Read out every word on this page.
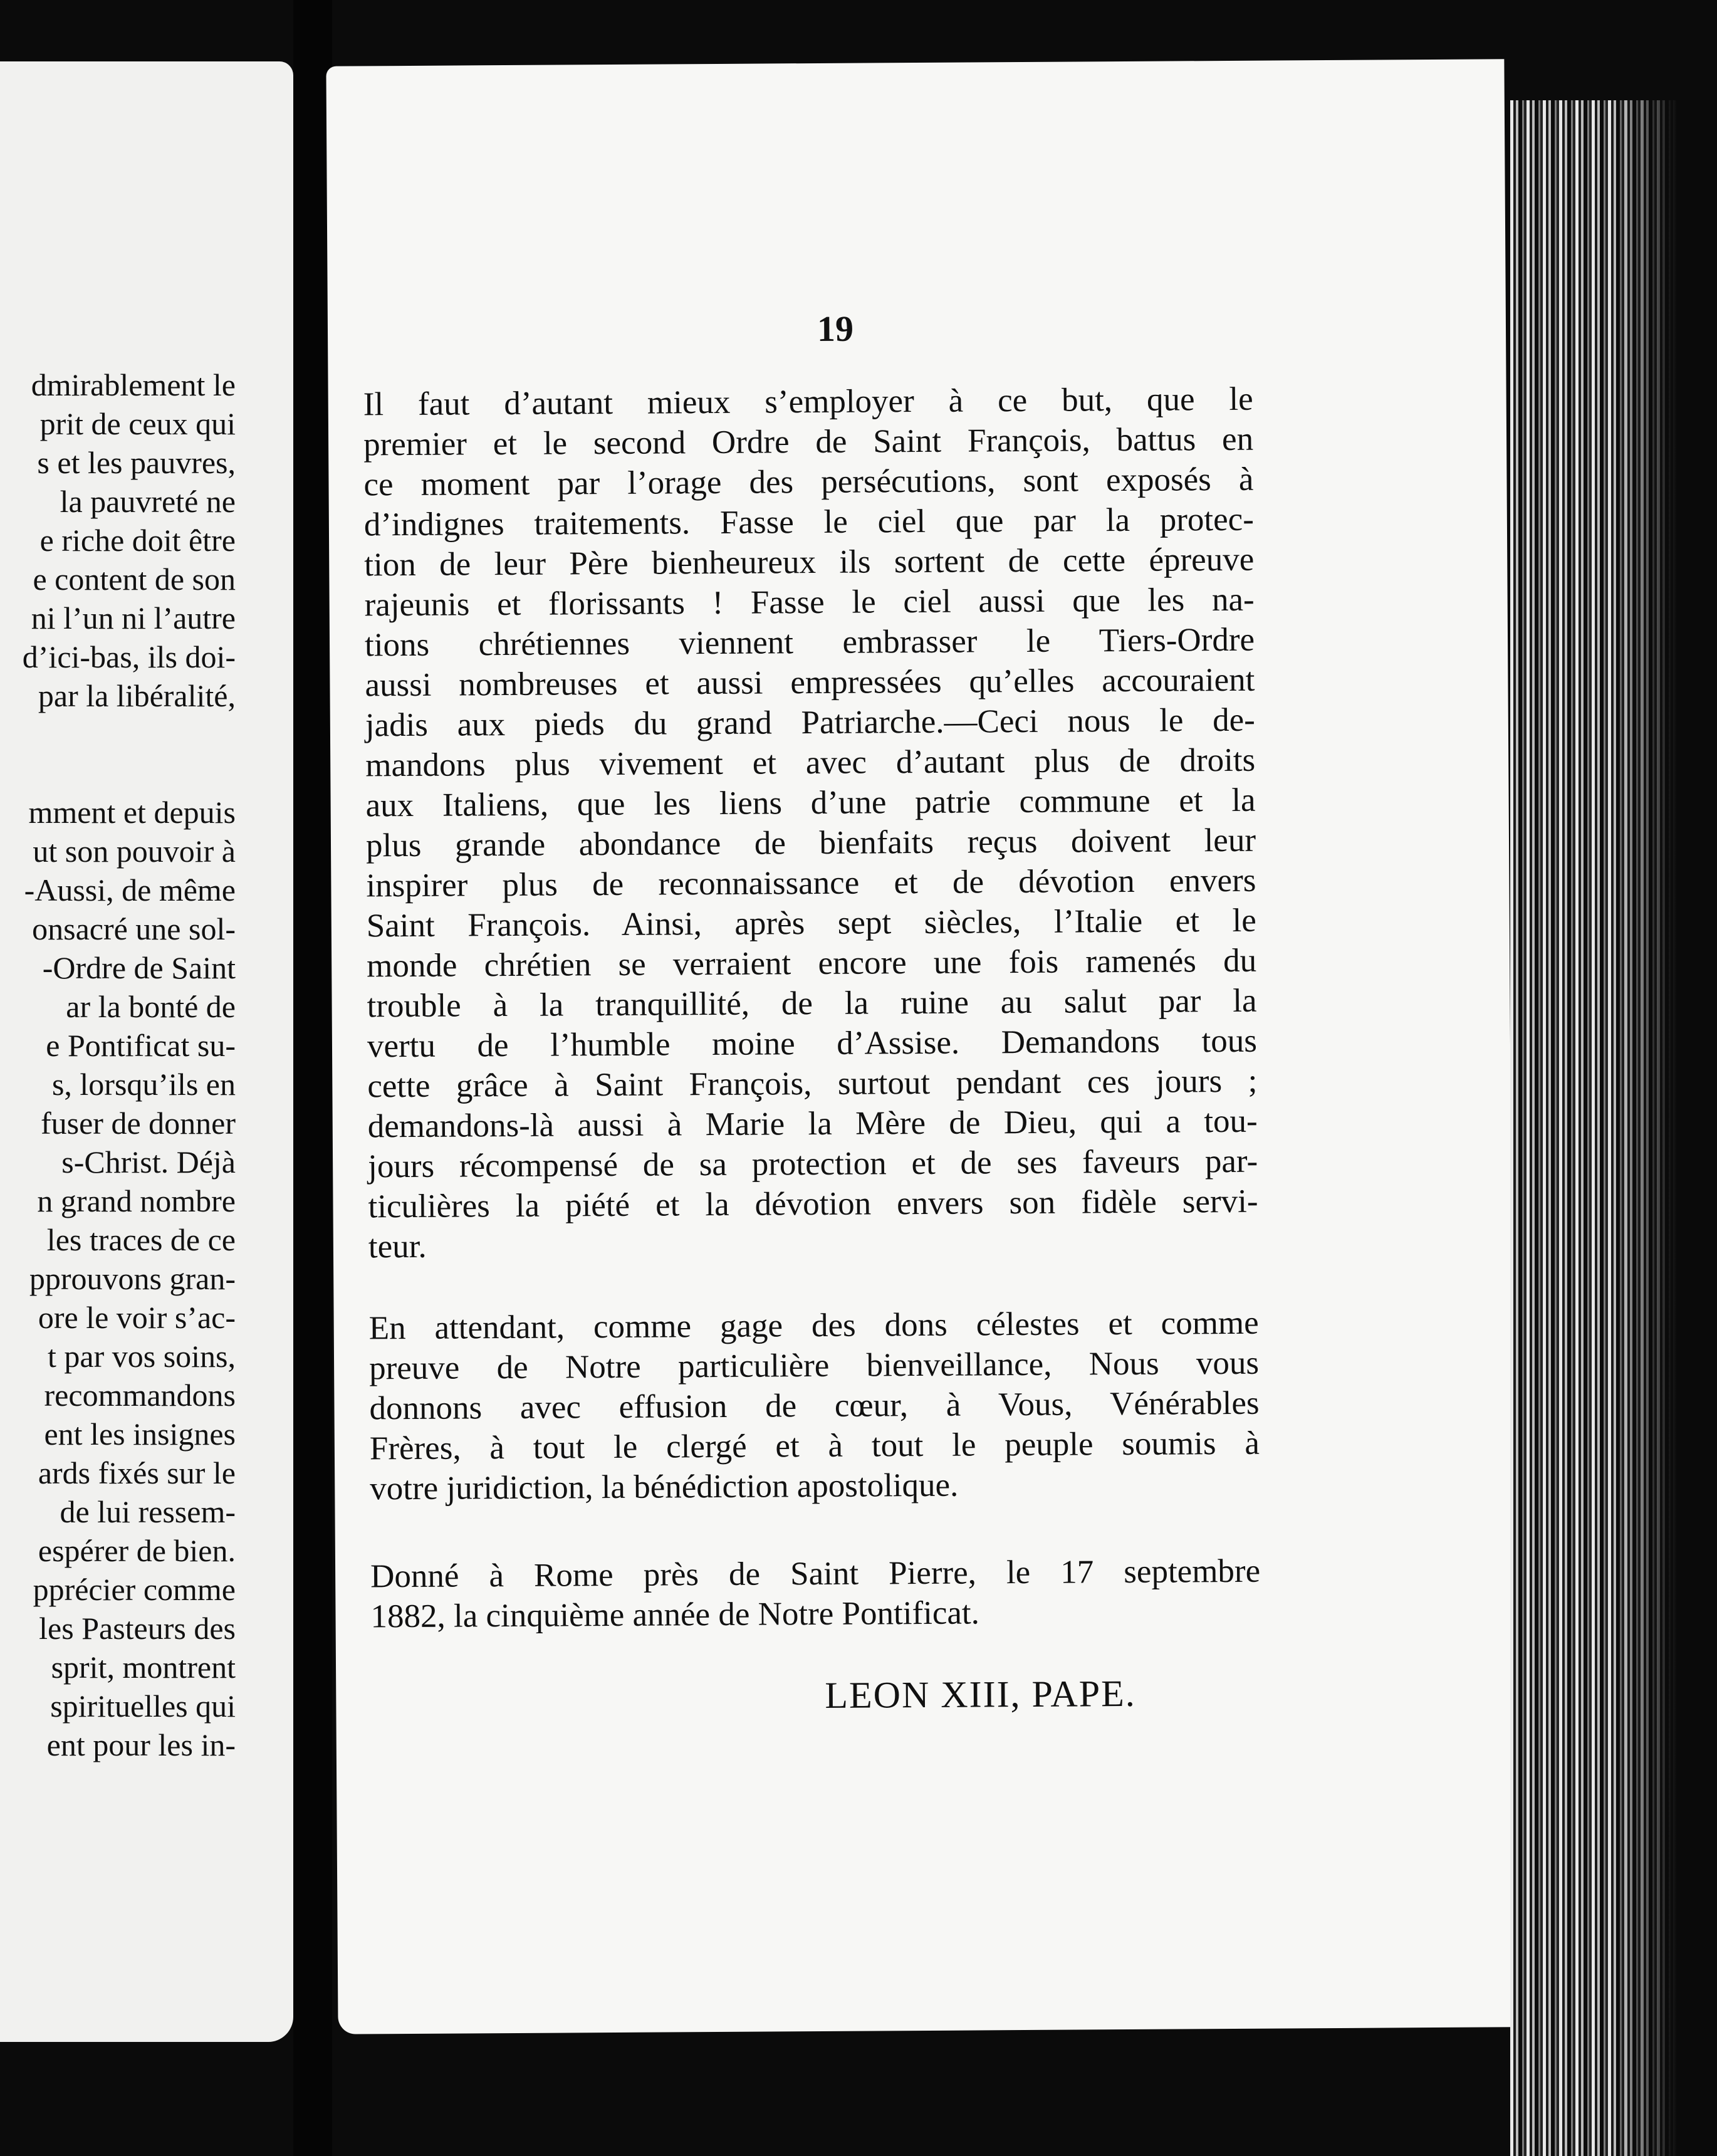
dmirablement le
prit de ceux qui
s et les pauvres,
la pauvreté ne
e riche doit être
e content de son
ni l’un ni l’autre
d’ici-bas, ils doi-
par la libéralité,
mment et depuis
ut son pouvoir à
-Aussi, de même
onsacré une sol-
-Ordre de Saint
ar la bonté de
e Pontificat su-
s, lorsqu’ils en
fuser de donner
s-Christ. Déjà
n grand nombre
les traces de ce
pprouvons gran-
ore le voir s’ac-
t par vos soins,
recommandons
ent les insignes
ards fixés sur le
de lui ressem-
espérer de bien.
pprécier comme
les Pasteurs des
sprit, montrent
spirituelles qui
ent pour les in-
19
Il faut d’autant mieux s’employer à ce but, que le
premier et le second Ordre de Saint François, battus en
ce moment par l’orage des persécutions, sont exposés à
d’indignes traitements. Fasse le ciel que par la protec-
tion de leur Père bienheureux ils sortent de cette épreuve
rajeunis et florissants ! Fasse le ciel aussi que les na-
tions chrétiennes viennent embrasser le Tiers-Ordre
aussi nombreuses et aussi empressées qu’elles accouraient
jadis aux pieds du grand Patriarche.—Ceci nous le de-
mandons plus vivement et avec d’autant plus de droits
aux Italiens, que les liens d’une patrie commune et la
plus grande abondance de bienfaits reçus doivent leur
inspirer plus de reconnaissance et de dévotion envers
Saint François. Ainsi, après sept siècles, l’Italie et le
monde chrétien se verraient encore une fois ramenés du
trouble à la tranquillité, de la ruine au salut par la
vertu de l’humble moine d’Assise. Demandons tous
cette grâce à Saint François, surtout pendant ces jours ;
demandons-là aussi à Marie la Mère de Dieu, qui a tou-
jours récompensé de sa protection et de ses faveurs par-
ticulières la piété et la dévotion envers son fidèle servi-
teur.
En attendant, comme gage des dons célestes et comme
preuve de Notre particulière bienveillance, Nous vous
donnons avec effusion de cœur, à Vous, Vénérables
Frères, à tout le clergé et à tout le peuple soumis à
votre juridiction, la bénédiction apostolique.
Donné à Rome près de Saint Pierre, le 17 septembre
1882, la cinquième année de Notre Pontificat.
LEON XIII, PAPE.
